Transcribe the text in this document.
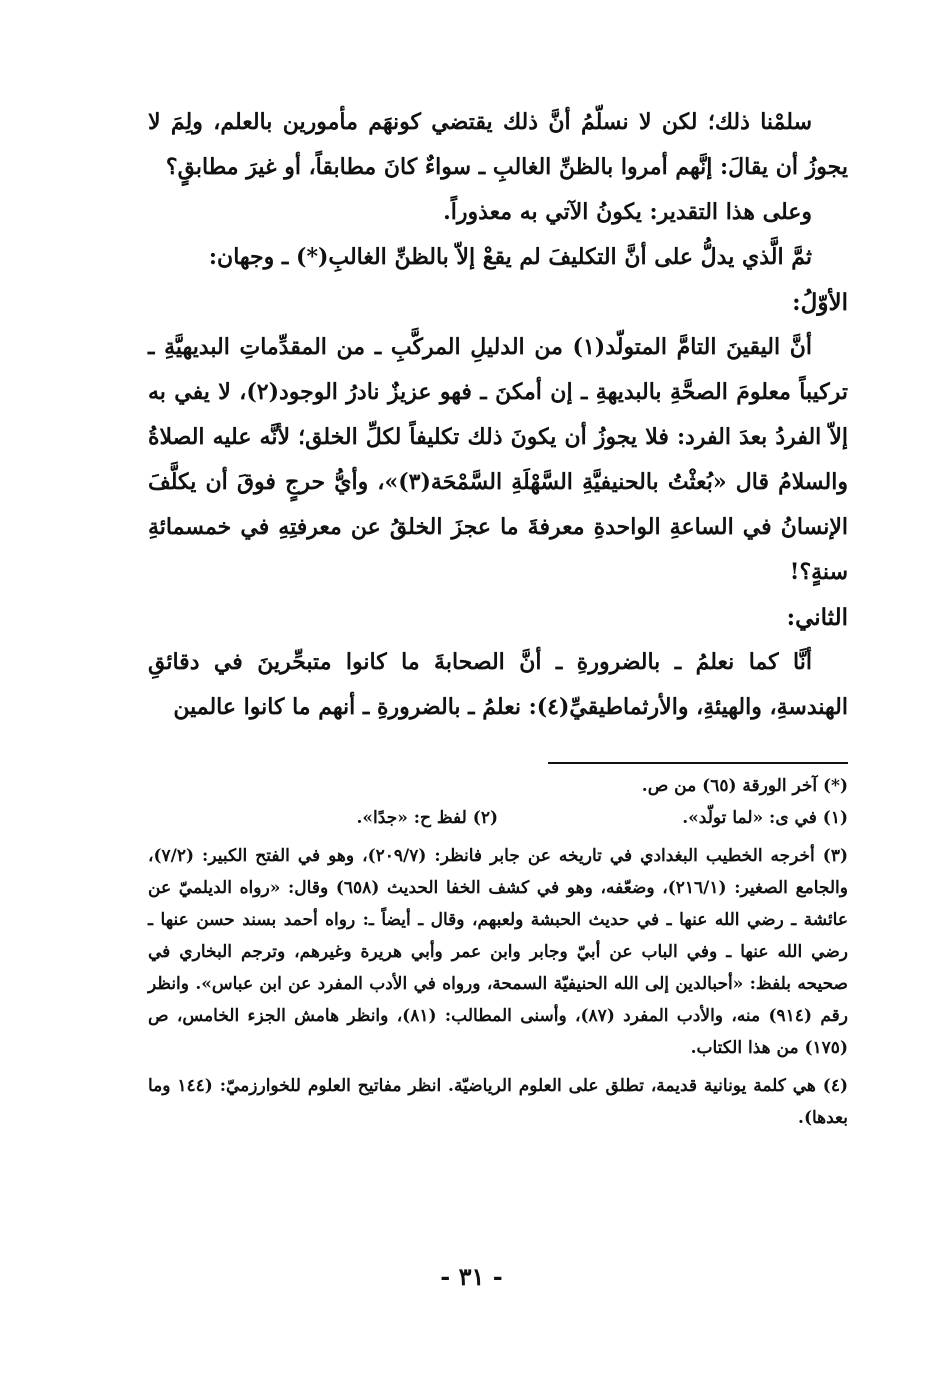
سلمْنا ذلك؛ لكن لا نسلّمُ أنَّ ذلك يقتضي كونهَم مأمورين بالعلم، ولِمَ لا يجوزُ أن يقالَ: إنَّهم أمروا بالظنِّ الغالبِ ـ سواءٌ كانَ مطابقاً، أو غيرَ مطابقٍ؟

وعلى هذا التقدير: يكونُ الآتي به معذوراً.

ثمَّ الَّذي يدلُّ على أنَّ التكليفَ لم يقعْ إلاّ بالظنِّ الغالبِ(*) ـ وجهان:

الأوّلُ:

أنَّ اليقينَ التامَّ المتولّد(١) من الدليلِ المركَّبِ ـ من المقدِّماتِ البديهيَّةِ ـ تركيباً معلومَ الصحَّةِ بالبديهةِ ـ إن أمكنَ ـ فهو عزيزٌ نادرُ الوجود(٢)، لا يفي به إلاّ الفردُ بعدَ الفرد: فلا يجوزُ أن يكونَ ذلك تكليفاً لكلِّ الخلق؛ لأنَّه عليه الصلاةُ والسلامُ قال «بُعثْتُ بالحنيفيَّةِ السَّهْلَةِ السَّمْحَة(٣)»، وأيُّ حرجٍ فوقَ أن يكلَّفَ الإنسانُ في الساعةِ الواحدةِ معرفةَ ما عجزَ الخلقُ عن معرفتِهِ في خمسمائةِ سنةٍ؟!

الثاني:

أنَّا كما نعلمُ ـ بالضرورةِ ـ أنَّ الصحابةَ ما كانوا متبحِّرينَ في دقائقِ الهندسةِ، والهيئةِ، والأرثماطيقيِّ(٤): نعلمُ ـ بالضرورةِ ـ أنهم ما كانوا عالمين

(*) آخر الورقة (٦٥) من ص.

(١) في ى: «لما تولّد».
(٢) لفظ ح: «جدًا».

(٣) أخرجه الخطيب البغدادي في تاريخه عن جابر فانظر: (٢٠٩/٧)، وهو في الفتح الكبير: (٧/٢)، والجامع الصغير: (٢١٦/١)، وضعّفه، وهو في كشف الخفا الحديث (٦٥٨) وقال: «رواه الديلميّ عن عائشة ـ رضي الله عنها ـ في حديث الحبشة ولعبهم، وقال ـ أيضاً ـ: رواه أحمد بسند حسن عنها ـ رضي الله عنها ـ وفي الباب عن أبيّ وجابر وابن عمر وأبي هريرة وغيرهم، وترجم البخاري في صحيحه بلفظ: «أحبالدين إلى الله الحنيفيّة السمحة، ورواه في الأدب المفرد عن ابن عباس». وانظر رقم (٩١٤) منه، والأدب المفرد (٨٧)، وأسنى المطالب: (٨١)، وانظر هامش الجزء الخامس، ص (١٧٥) من هذا الكتاب.

(٤) هي كلمة يونانية قديمة، تطلق على العلوم الرياضيّة. انظر مفاتيح العلوم للخوارزميّ: (١٤٤ وما بعدها).

- ٣١ -
